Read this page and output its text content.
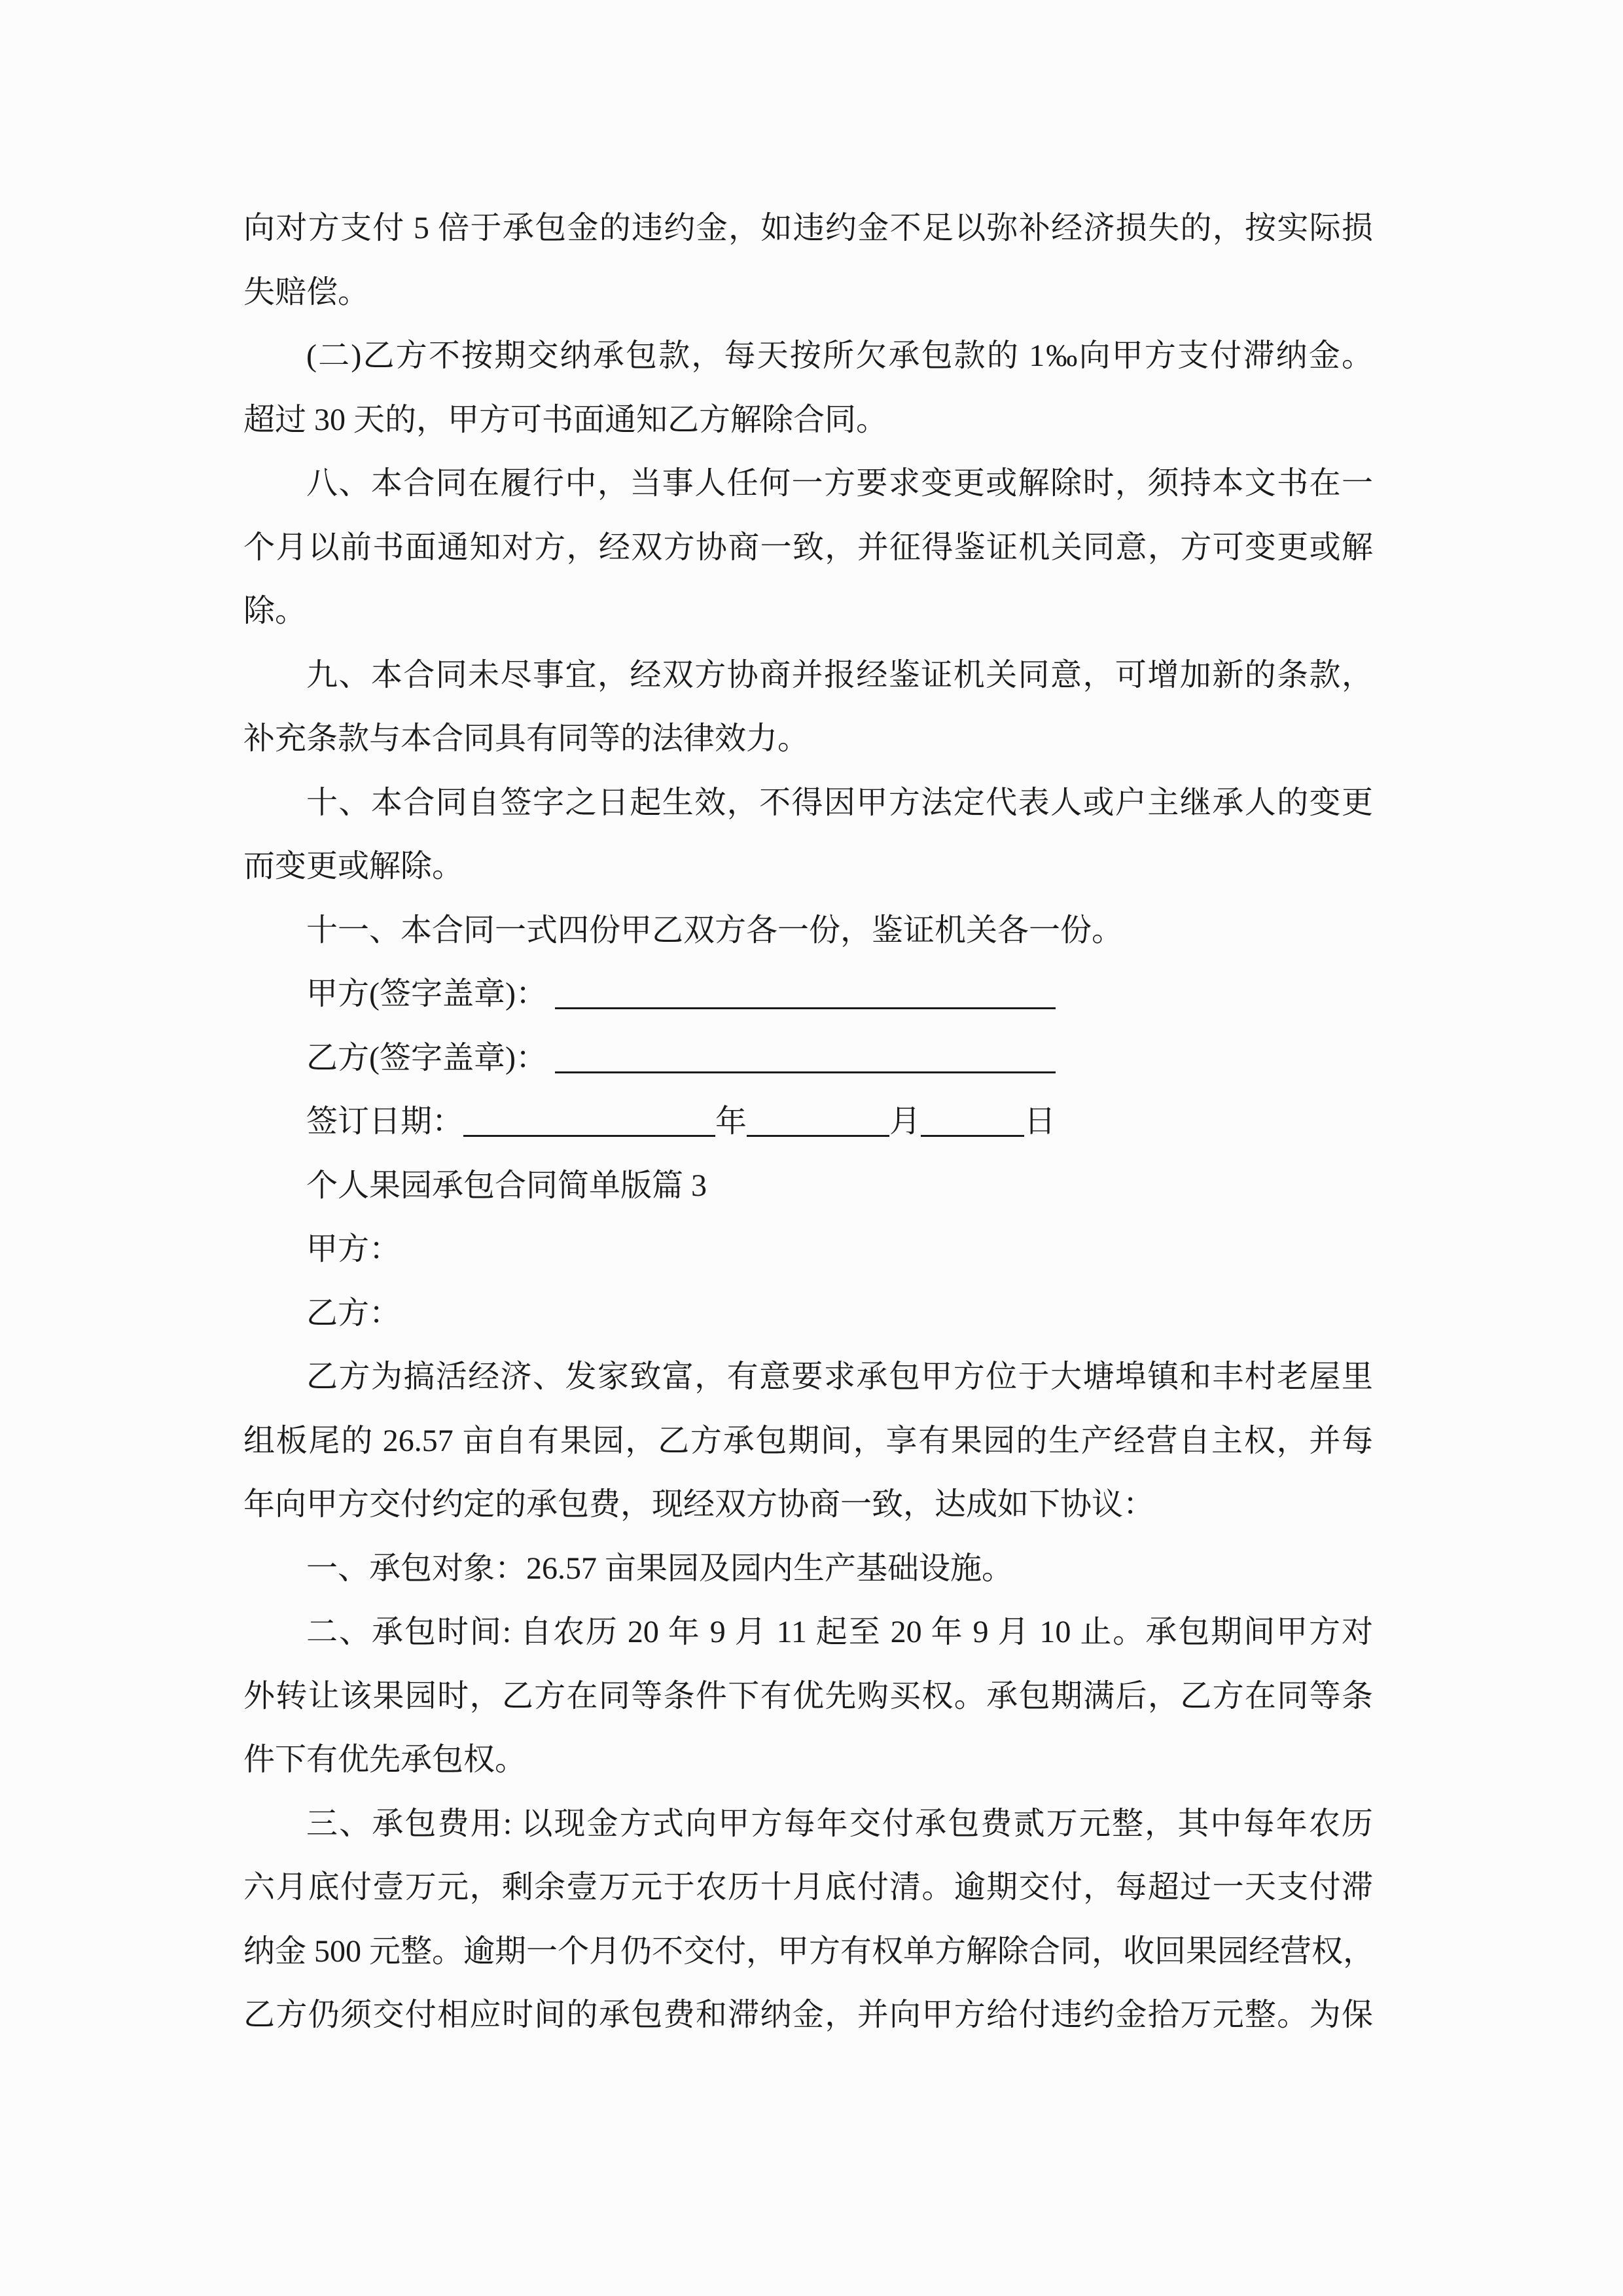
向对方支付 5 倍于承包金的违约金，如违约金不足以弥补经济损失的，按实际损
失赔偿。
(二)乙方不按期交纳承包款，每天按所欠承包款的 1‰向甲方支付滞纳金。
超过 30 天的，甲方可书面通知乙方解除合同。
八、本合同在履行中，当事人任何一方要求变更或解除时，须持本文书在一
个月以前书面通知对方，经双方协商一致，并征得鉴证机关同意，方可变更或解
除。
九、本合同未尽事宜，经双方协商并报经鉴证机关同意，可增加新的条款，
补充条款与本合同具有同等的法律效力。
十、本合同自签字之日起生效，不得因甲方法定代表人或户主继承人的变更
而变更或解除。
十一、本合同一式四份甲乙双方各一份，鉴证机关各一份。
甲方(签字盖章)：
乙方(签字盖章)：
签订日期：	年	月	日
个人果园承包合同简单版篇 3
甲方：
乙方：
乙方为搞活经济、发家致富，有意要求承包甲方位于大塘埠镇和丰村老屋里
组板尾的 26.57 亩自有果园，乙方承包期间，享有果园的生产经营自主权，并每
年向甲方交付约定的承包费，现经双方协商一致，达成如下协议：
一、承包对象：26.57 亩果园及园内生产基础设施。
二、承包时间: 自农历 20 年 9 月 11 起至 20 年 9 月 10 止。承包期间甲方对
外转让该果园时，乙方在同等条件下有优先购买权。承包期满后，乙方在同等条
件下有优先承包权。
三、承包费用: 以现金方式向甲方每年交付承包费贰万元整，其中每年农历
六月底付壹万元，剩余壹万元于农历十月底付清。逾期交付，每超过一天支付滞
纳金 500 元整。逾期一个月仍不交付，甲方有权单方解除合同，收回果园经营权，
乙方仍须交付相应时间的承包费和滞纳金，并向甲方给付违约金拾万元整。为保
